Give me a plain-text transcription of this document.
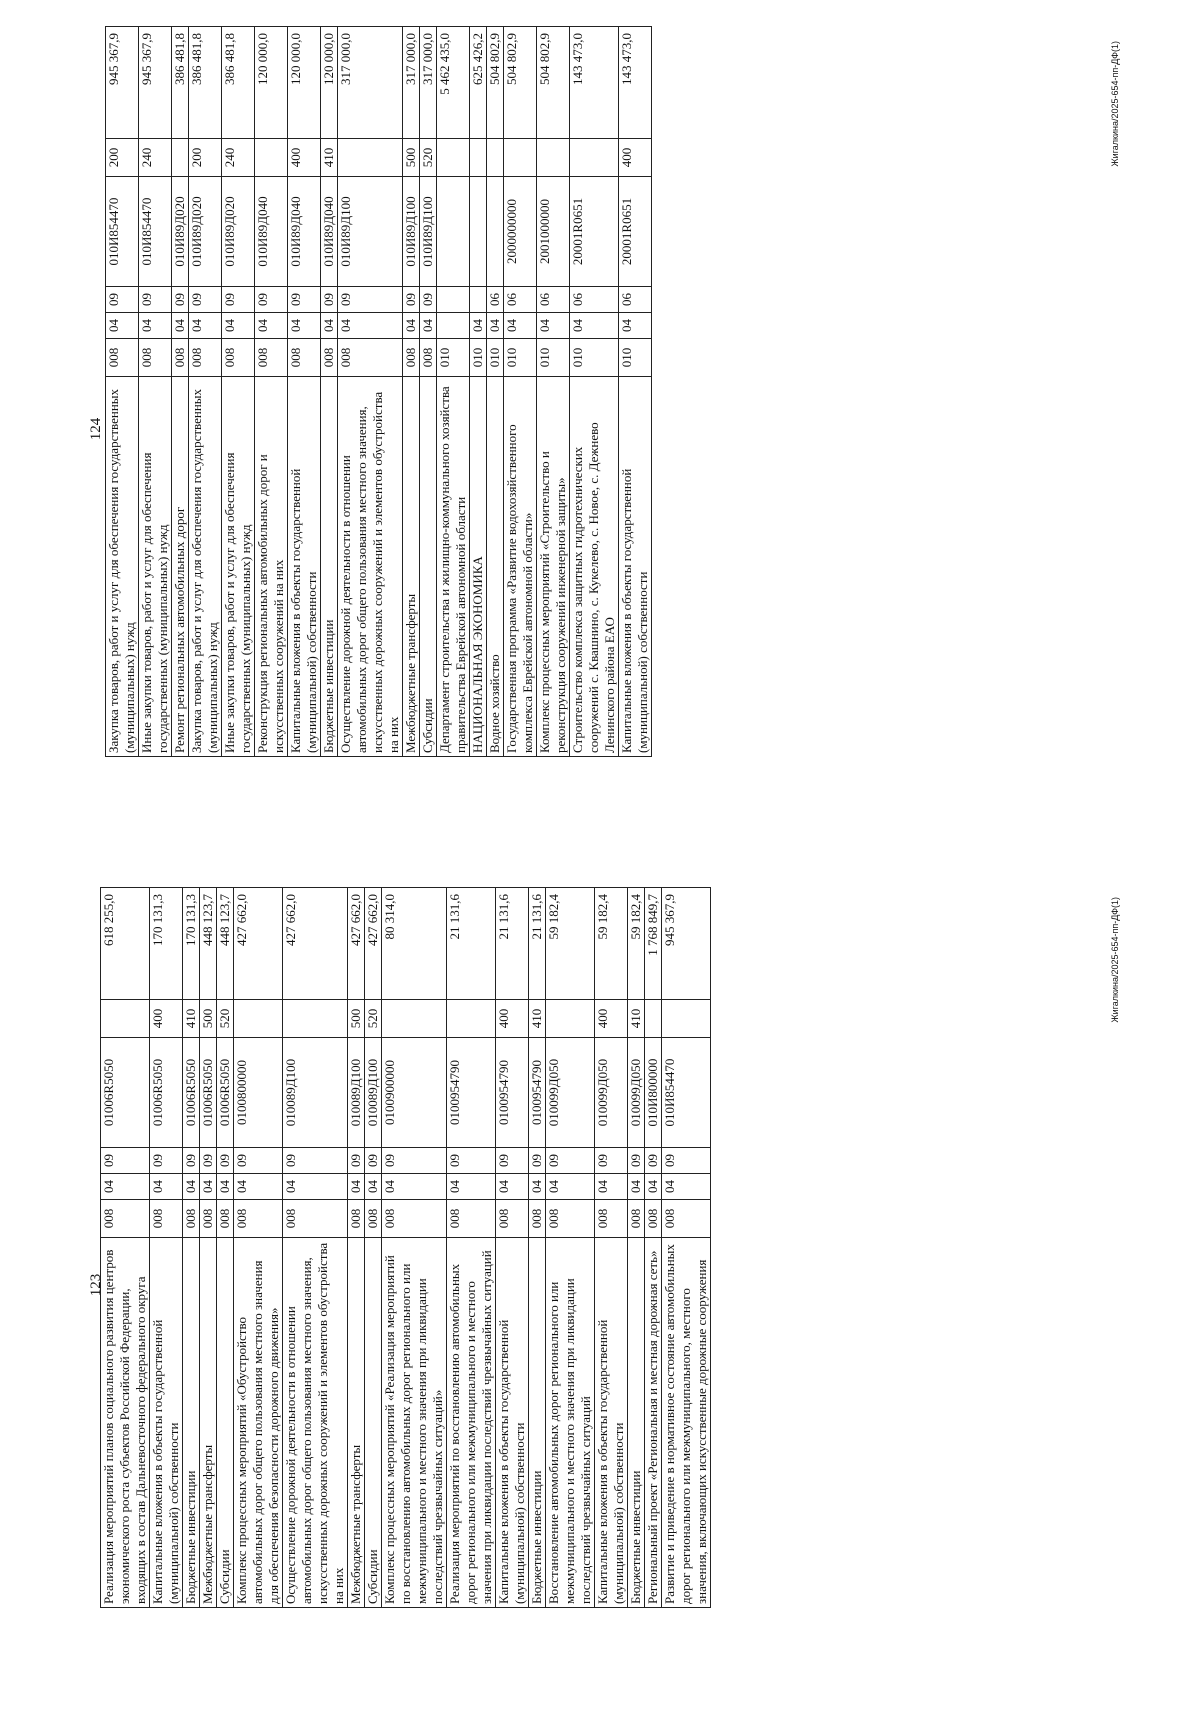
123
Реализация мероприятий планов социального развития центров экономического роста субъектов Российской Федерации, входящих в состав Дальневосточного федерального округа	008	04	09	01006R5050		618 255,0
Капитальные вложения в объекты государственной (муниципальной) собственности	008	04	09	01006R5050	400	170 131,3
Бюджетные инвестиции	008	04	09	01006R5050	410	170 131,3
Межбюджетные трансферты	008	04	09	01006R5050	500	448 123,7
Субсидии	008	04	09	01006R5050	520	448 123,7
Комплекс процессных мероприятий «Обустройство автомобильных дорог общего пользования местного значения для обеспечения безопасности дорожного движения»	008	04	09	0100800000		427 662,0
Осуществление дорожной деятельности в отношении автомобильных дорог общего пользования местного значения, искусственных дорожных сооружений и элементов обустройства на них	008	04	09	010089Д100		427 662,0
Межбюджетные трансферты	008	04	09	010089Д100	500	427 662,0
Субсидии	008	04	09	010089Д100	520	427 662,0
Комплекс процессных мероприятий «Реализация мероприятий по восстановлению автомобильных дорог регионального или межмуниципального и местного значения при ликвидации последствий чрезвычайных ситуаций»	008	04	09	0100900000		80 314,0
Реализация мероприятий по восстановлению автомобильных дорог регионального или межмуниципального и местного значения при ликвидации последствий чрезвычайных ситуаций	008	04	09	0100954790		21 131,6
Капитальные вложения в объекты государственной (муниципальной) собственности	008	04	09	0100954790	400	21 131,6
Бюджетные инвестиции	008	04	09	0100954790	410	21 131,6
Восстановление автомобильных дорог регионального или межмуниципального и местного значения при ликвидации последствий чрезвычайных ситуаций	008	04	09	010099Д050		59 182,4
Капитальные вложения в объекты государственной (муниципальной) собственности	008	04	09	010099Д050	400	59 182,4
Бюджетные инвестиции	008	04	09	010099Д050	410	59 182,4
Региональный проект «Региональная и местная дорожная сеть»	008	04	09	010И800000		1 768 849,7
Развитие и приведение в нормативное состояние автомобильных дорог регионального или межмуниципального, местного значения, включающих искусственные дорожные сооружения	008	04	09	010И854470		945 367,9	Жигалкина/2025-654-пп-ДФ(1)
124 Закупка товаров, работ и услуг для обеспечения государственных (муниципальных) нужд	008	04	09	010И854470	200	945 367,9
Иные закупки товаров, работ и услуг для обеспечения государственных (муниципальных) нужд	008	04	09	010И854470	240	945 367,9
Ремонт региональных автомобильных дорог	008	04	09	010И89Д020		386 481,8
Закупка товаров, работ и услуг для обеспечения государственных (муниципальных) нужд	008	04	09	010И89Д020	200	386 481,8
Иные закупки товаров, работ и услуг для обеспечения государственных (муниципальных) нужд	008	04	09	010И89Д020	240	386 481,8
Реконструкция региональных автомобильных дорог и искусственных сооружений на них	008	04	09	010И89Д040		120 000,0
Капитальные вложения в объекты государственной (муниципальной) собственности	008	04	09	010И89Д040	400	120 000,0
Бюджетные инвестиции	008	04	09	010И89Д040	410	120 000,0
Осуществление дорожной деятельности в отношении автомобильных дорог общего пользования местного значения, искусственных дорожных сооружений и элементов обустройства на них	008	04	09	010И89Д100		317 000,0
Межбюджетные трансферты	008	04	09	010И89Д100	500	317 000,0
Субсидии	008	04	09	010И89Д100	520	317 000,0
Департамент строительства и жилищно-коммунального хозяйства правительства Еврейской автономной области	010					5 462 435,0
НАЦИОНАЛЬНАЯ ЭКОНОМИКА	010	04				625 426,2
Водное хозяйство	010	04	06			504 802,9
Государственная программа «Развитие водохозяйственного комплекса Еврейской автономной области»	010	04	06	2000000000		504 802,9
Комплекс процессных мероприятий «Строительство и реконструкция сооружений инженерной защиты»	010	04	06	2001000000		504 802,9
Строительство комплекса защитных гидротехнических сооружений с. Квашнино, с. Кукелево, с. Новое, с. Дежнево Ленинского района ЕАО	010	04	06	20001R0651		143 473,0
Капитальные вложения в объекты государственной (муниципальной) собственности	010	04	06	20001R0651	400	143 473,0	Жигалкина/2025-654-пп-ДФ(1)
